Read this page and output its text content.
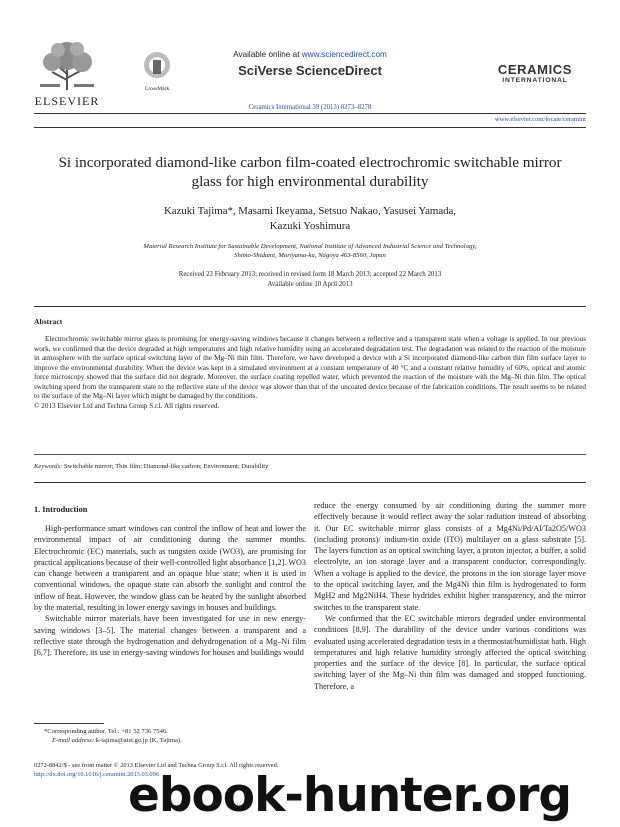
ELSEVIER
CrossMark
Available online at www.sciencedirect.com
SciVerse ScienceDirect
Ceramics International 39 (2013) 8273–8278
CERAMICS
INTERNATIONAL
www.elsevier.com/locate/ceramint
Si incorporated diamond-like carbon film-coated electrochromic switchable mirror glass for high environmental durability
Kazuki Tajima*, Masami Ikeyama, Setsuo Nakao, Yasusei Yamada,
Kazuki Yoshimura
Material Research Institute for Sustainable Development, National Institute of Advanced Industrial Science and Technology,
Shimo-Shidami, Moriyama-ku, Nagoya 463-8560, Japan
Received 22 February 2013; received in revised form 18 March 2013; accepted 22 March 2013
Available online 10 April 2013
Abstract
Electrochromic switchable mirror glass is promising for energy-saving windows because it changes between a reflective and a transparent state when a voltage is applied. In our previous work, we confirmed that the device degraded at high temperatures and high relative humidity using an accelerated degradation test. The degradation was related to the reaction of the moisture in atmosphere with the surface optical switching layer of the Mg–Ni thin film. Therefore, we have developed a device with a Si incorporated diamond-like carbon thin film surface layer to improve the environmental durability. When the device was kept in a simulated environment at a constant temperature of 40 °C and a constant relative humidity of 60%, optical and atomic force microscopy showed that the surface did not degrade. Moreover, the surface coating repelled water, which prevented the reaction of the moisture with the Mg–Ni thin film. The optical switching speed from the transparent state to the reflective state of the device was slower than that of the uncoated device because of the fabrication conditions. The result seems to be related to the surface of the Mg–Ni layer which might be damaged by the conditions.
© 2013 Elsevier Ltd and Techna Group S.r.l. All rights reserved.
Keywords: Switchable mirror; Thin film; Diamond-like carbon; Environment; Durability
1. Introduction

High-performance smart windows can control the inflow of heat and lower the environmental impact of air conditioning during the summer months. Electrochromic (EC) materials, such as tungsten oxide (WO3), are promising for practical applications because of their well-controlled light absorbance [1,2]. WO3 can change between a transparent and an opaque blue state; when it is used in conventional windows, the opaque state can absorb the sunlight and control the inflow of heat. However, the window glass can be heated by the sunlight absorbed by the material, resulting in lower energy savings in houses and buildings.

Switchable mirror materials have been investigated for use in new energy-saving windows [3–5]. The material changes between a transparent and a reflective state through the hydrogenation and dehydrogenation of a Mg–Ni film [6,7]. Therefore, its use in energy-saving windows for houses and buildings would

reduce the energy consumed by air conditioning during the summer more effectively because it would reflect away the solar radiation instead of absorbing it. Our EC switchable mirror glass consists of a Mg4Ni/Pd/Al/Ta2O5/WO3 (including protons)/ indium-tin oxide (ITO) multilayer on a glass substrate [5]. The layers function as an optical switching layer, a proton injector, a buffer, a solid electrolyte, an ion storage layer and a transparent conductor, correspondingly. When a voltage is applied to the device, the protons in the ion storage layer move to the optical switching layer, and the Mg4Ni thin film is hydrogenated to form MgH2 and Mg2NiH4. These hydrides exhibit higher transparency, and the mirror switches to the transparent state.

We confirmed that the EC switchable mirrors degraded under environmental conditions [8,9]. The durability of the device under various conditions was evaluated using accelerated degradation tests in a thermostat/humidistat bath. High temperatures and high relative humidity strongly affected the optical switching properties and the surface of the device [8]. In particular, the surface optical switching layer of the Mg–Ni thin film was damaged and stopped functioning. Therefore, a

*Corresponding author. Tel.: +81 52 736 7546.
E-mail address: k-tajima@aist.go.jp (K. Tajima).
0272-8842/$ - see front matter © 2013 Elsevier Ltd and Techna Group S.r.l. All rights reserved.
http://dx.doi.org/10.1016/j.ceramint.2013.03.096
ebook-hunter.org
